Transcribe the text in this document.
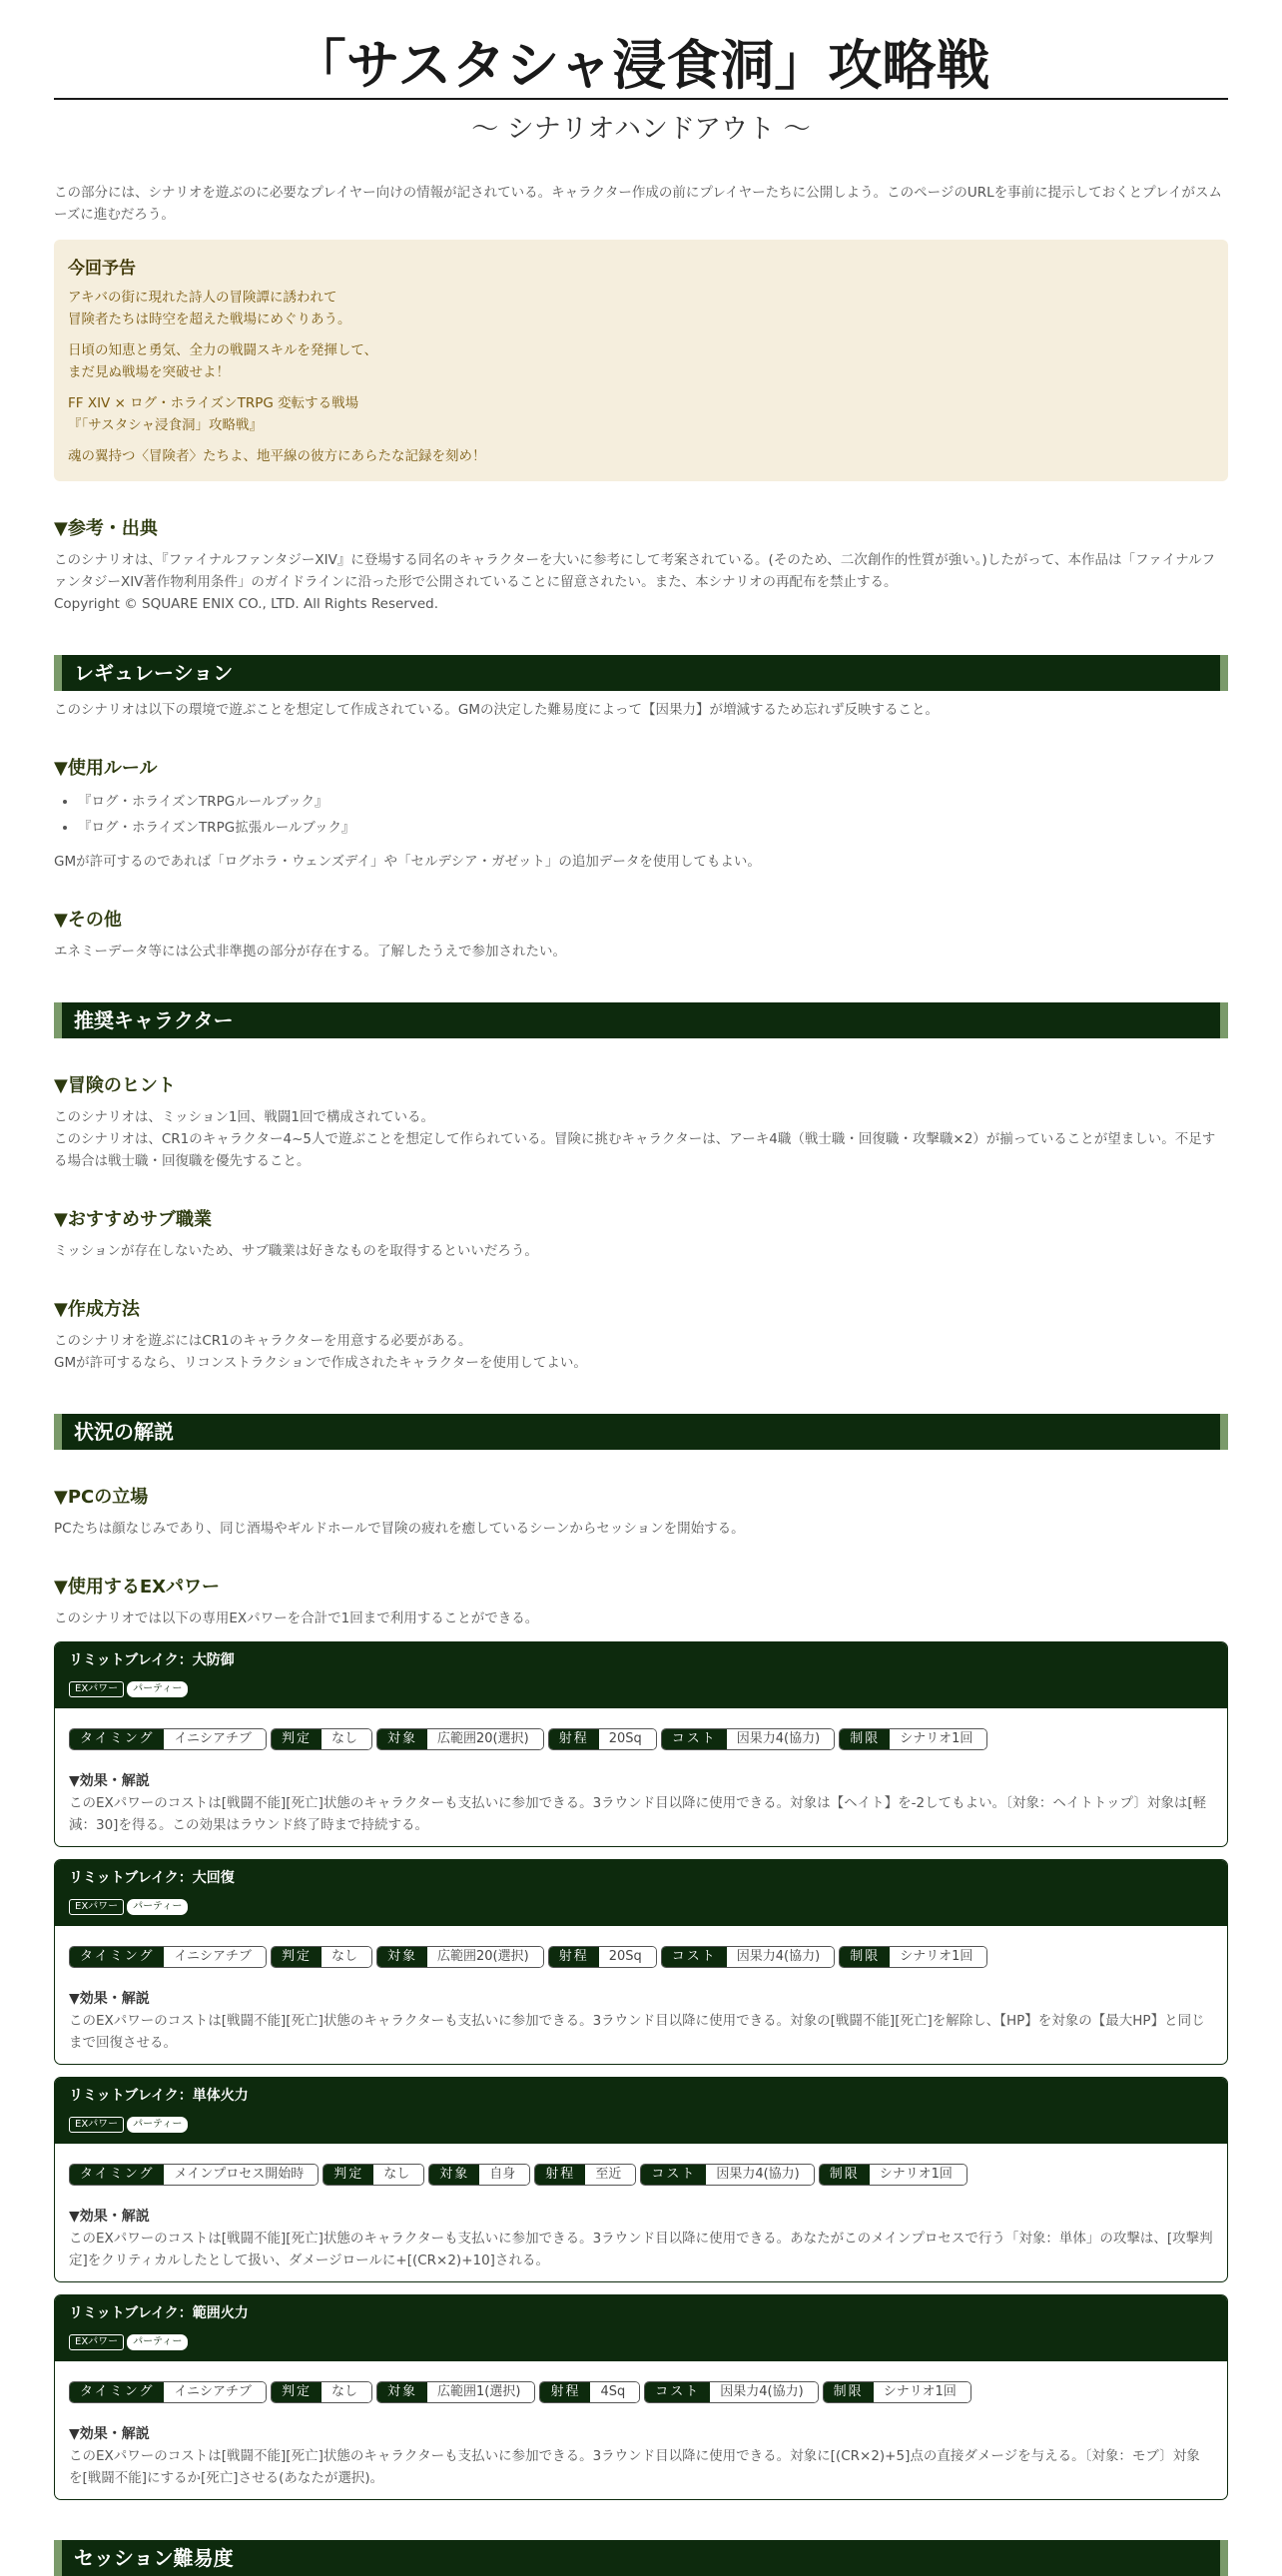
「サスタシャ浸食洞」攻略戦
～ シナリオハンドアウト ～

この部分には、シナリオを遊ぶのに必要なプレイヤー向けの情報が記されている。キャラクター作成の前にプレイヤーたちに公開しよう。このページのURLを事前に提示しておくとプレイがスムーズに進むだろう。

今回予告

アキバの街に現れた詩人の冒険譚に誘われて
冒険者たちは時空を超えた戦場にめぐりあう。

日頃の知恵と勇気、全力の戦闘スキルを発揮して、
まだ見ぬ戦場を突破せよ！

FF XIV × ログ・ホライズンTRPG 変転する戦場
『「サスタシャ浸食洞」攻略戦』

魂の翼持つ〈冒険者〉たちよ、地平線の彼方にあらたな記録を刻め！

▼参考・出典

このシナリオは、『ファイナルファンタジーXIV』に登場する同名のキャラクターを大いに参考にして考案されている。(そのため、二次創作的性質が強い。)したがって、本作品は「ファイナルファンタジーXIV著作物利用条件」のガイドラインに沿った形で公開されていることに留意されたい。また、本シナリオの再配布を禁止する。
Copyright © SQUARE ENIX CO., LTD. All Rights Reserved.

レギュレーション

このシナリオは以下の環境で遊ぶことを想定して作成されている。GMの決定した難易度によって【因果力】が増減するため忘れず反映すること。

▼使用ルール
• 『ログ・ホライズンTRPGルールブック』
• 『ログ・ホライズンTRPG拡張ルールブック』

GMが許可するのであれば「ログホラ・ウェンズデイ」や「セルデシア・ガゼット」の追加データを使用してもよい。

▼その他

エネミーデータ等には公式非準拠の部分が存在する。了解したうえで参加されたい。

推奨キャラクター
▼冒険のヒント

このシナリオは、ミッション1回、戦闘1回で構成されている。
このシナリオは、CR1のキャラクター4~5人で遊ぶことを想定して作られている。冒険に挑むキャラクターは、アーキ4職（戦士職・回復職・攻撃職×2）が揃っていることが望ましい。不足する場合は戦士職・回復職を優先すること。

▼おすすめサブ職業

ミッションが存在しないため、サブ職業は好きなものを取得するといいだろう。

▼作成方法

このシナリオを遊ぶにはCR1のキャラクターを用意する必要がある。
GMが許可するなら、リコンストラクションで作成されたキャラクターを使用してよい。

状況の解説
▼PCの立場

PCたちは顔なじみであり、同じ酒場やギルドホールで冒険の疲れを癒しているシーンからセッションを開始する。

▼使用するEXパワー

このシナリオでは以下の専用EXパワーを合計で1回まで利用することができる。

リミットブレイク：大防御
EXパワー パーティー
タイミング	イニシアチブ	判定	なし	対象	広範囲20(選択)	射程	20Sq	コスト	因果力4(協力)	制限	シナリオ1回
▼効果・解説

このEXパワーのコストは[戦闘不能][死亡]状態のキャラクターも支払いに参加できる。3ラウンド目以降に使用できる。対象は【ヘイト】を-2してもよい。〔対象：ヘイトトップ〕対象は[軽減：30]を得る。この効果はラウンド終了時まで持続する。

リミットブレイク：大回復
EXパワー パーティー
タイミング	イニシアチブ	判定	なし	対象	広範囲20(選択)	射程	20Sq	コスト	因果力4(協力)	制限	シナリオ1回
▼効果・解説

このEXパワーのコストは[戦闘不能][死亡]状態のキャラクターも支払いに参加できる。3ラウンド目以降に使用できる。対象の[戦闘不能][死亡]を解除し、【HP】を対象の【最大HP】と同じまで回復させる。

リミットブレイク：単体火力
EXパワー パーティー
タイミング	メインプロセス開始時	判定	なし	対象	自身	射程	至近	コスト	因果力4(協力)	制限	シナリオ1回
▼効果・解説

このEXパワーのコストは[戦闘不能][死亡]状態のキャラクターも支払いに参加できる。3ラウンド目以降に使用できる。あなたがこのメインプロセスで行う「対象：単体」の攻撃は、[攻撃判定]をクリティカルしたとして扱い、ダメージロールに+[(CR×2)+10]される。

リミットブレイク：範囲火力
EXパワー パーティー
タイミング	イニシアチブ	判定	なし	対象	広範囲1(選択)	射程	4Sq	コスト	因果力4(協力)	制限	シナリオ1回
▼効果・解説

このEXパワーのコストは[戦闘不能][死亡]状態のキャラクターも支払いに参加できる。3ラウンド目以降に使用できる。対象に[(CR×2)+5]点の直接ダメージを与える。〔対象：モブ〕対象を[戦闘不能]にするか[死亡]させる(あなたが選択)。

セッション難易度
